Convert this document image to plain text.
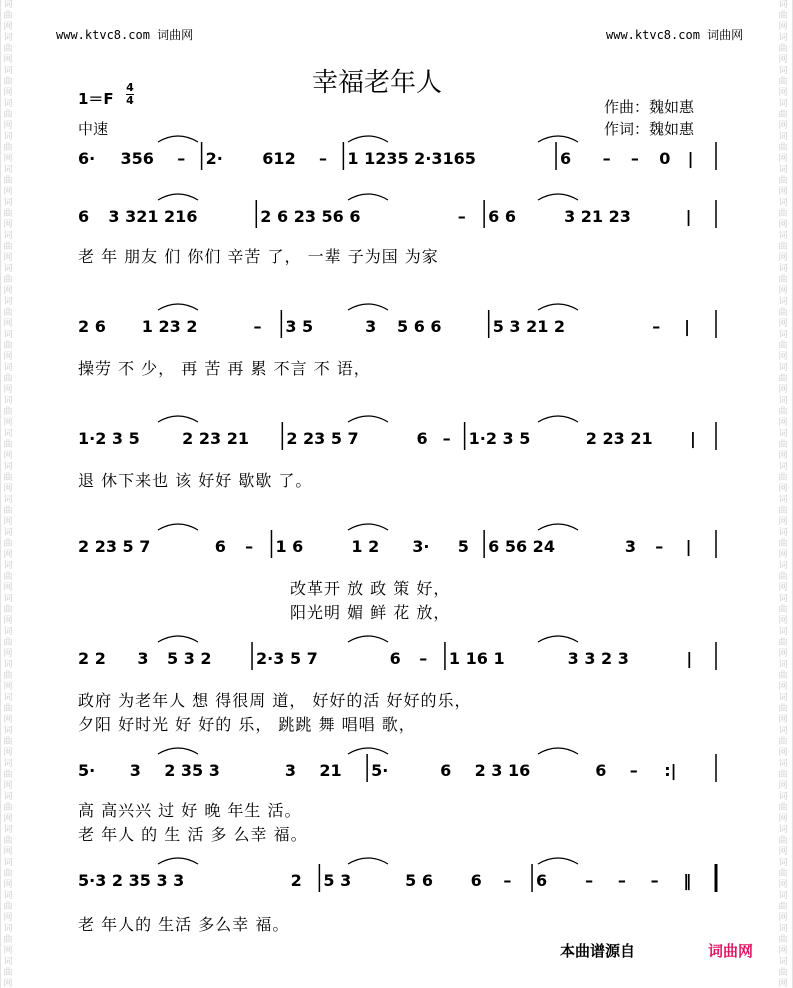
词曲网 词曲网 词曲网 词曲网 词曲网 词曲网 词曲网 词曲网 词曲网 词曲网 词曲网 词曲网 词曲网 词曲网 词曲网 词曲网 词曲网 词曲网 词曲网 词曲网 词曲网 词曲网 词曲网 词曲网 词曲网 词曲网 词曲网 词曲网 词曲网 词曲网
词曲网 词曲网 词曲网 词曲网 词曲网 词曲网 词曲网 词曲网 词曲网 词曲网 词曲网 词曲网 词曲网 词曲网 词曲网 词曲网 词曲网 词曲网 词曲网 词曲网 词曲网 词曲网 词曲网 词曲网 词曲网 词曲网 词曲网 词曲网 词曲网 词曲网
www.ktvc8.com 词曲网	www.ktvc8.com 词曲网
幸福老年人
1＝F
4
4
中速
作曲：魏如惠
作词：魏如惠
6· 356 – 2· 612 – 1 1235 2·3165	6 – – 0 |
6 3 321 216	2 6 23 56 6	– 6 6	3 21 23	|
2 6 1 23 2	– 3 5	3 5 6 6	5 3 21 2	– |
1·2 3 5	2 23 21 2 23 5 7	6 – 1·2 3 5	2 23 21 |
2 23 5 7	6 – 1 6	1 2 3· 5 6 56 24	3 – |
2 2 3 5 3 2	2·3 5 7	6 – 1 16 1	3 3 2 3	|
5· 3 2 35 3	3 21 5·	6 2 3 16	6 – :|
5·3 2 35 3 3	2 5 3	5 6 6 – 6 – – – ‖
老 年 朋友 们 你们 辛苦 了， 一辈 子为国 为家
操劳 不 少， 再 苦 再 累 不言 不 语，
退 休下来也 该 好好 歇歇 了。
改革开 放 政 策 好，
阳光明 媚 鲜 花 放，
政府 为老年人 想 得很周 道， 好好的活 好好的乐，
夕阳 好时光 好 好的 乐， 跳跳 舞 唱唱 歌，
高 高兴兴 过 好 晚 年生 活。
老 年人 的 生 活 多 么幸 福。
老 年人的 生活 多么幸 福。
本曲谱源自	词曲网
